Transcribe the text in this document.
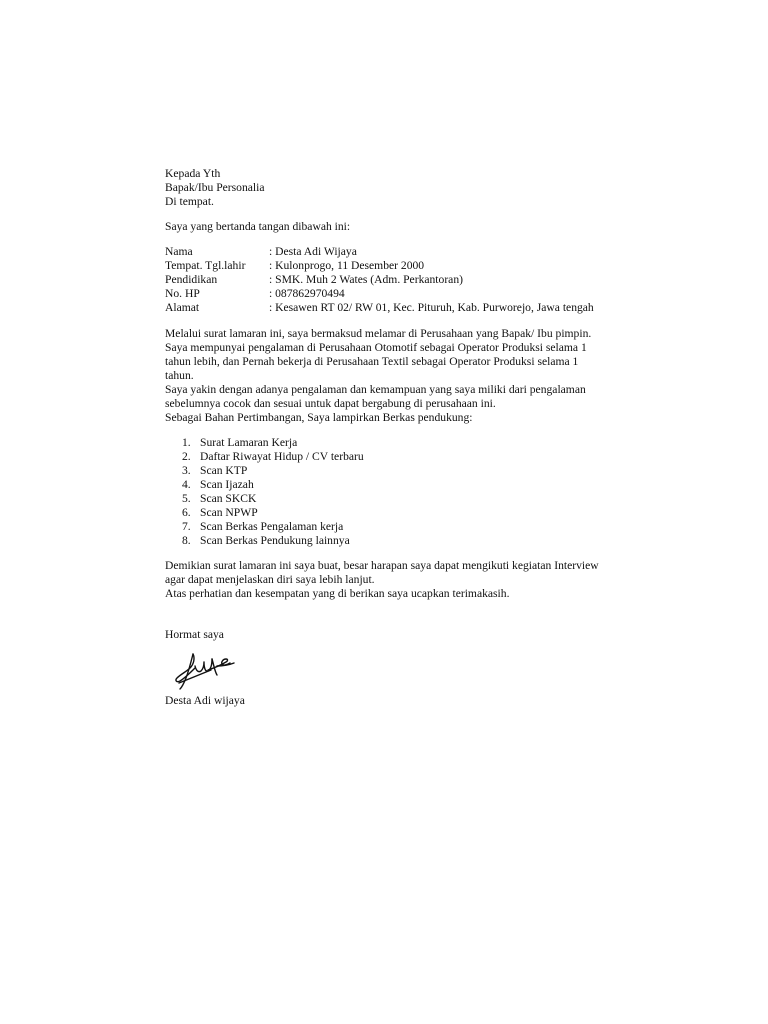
Kepada Yth
Bapak/Ibu Personalia
Di tempat.
Saya yang bertanda tangan dibawah ini:
Nama	: Desta Adi Wijaya
Tempat. Tgl.lahir	: Kulonprogo, 11 Desember 2000
Pendidikan	: SMK. Muh 2 Wates (Adm. Perkantoran)
No. HP	: 087862970494
Alamat	: Kesawen RT 02/ RW 01, Kec. Pituruh, Kab. Purworejo, Jawa tengah
Melalui surat lamaran ini, saya bermaksud melamar di Perusahaan yang Bapak/ Ibu pimpin.
Saya mempunyai pengalaman di Perusahaan Otomotif sebagai Operator Produksi selama 1
tahun lebih, dan Pernah bekerja di Perusahaan Textil sebagai Operator Produksi selama 1
tahun.
Saya yakin dengan adanya pengalaman dan kemampuan yang saya miliki dari pengalaman
sebelumnya cocok dan sesuai untuk dapat bergabung di perusahaan ini.
Sebagai Bahan Pertimbangan, Saya lampirkan Berkas pendukung:
1. Surat Lamaran Kerja
2. Daftar Riwayat Hidup / CV terbaru
3. Scan KTP
4. Scan Ijazah
5. Scan SKCK
6. Scan NPWP
7. Scan Berkas Pengalaman kerja
8. Scan Berkas Pendukung lainnya
Demikian surat lamaran ini saya buat, besar harapan saya dapat mengikuti kegiatan Interview
agar dapat menjelaskan diri saya lebih lanjut.
Atas perhatian dan kesempatan yang di berikan saya ucapkan terimakasih.
Hormat saya
Desta Adi wijaya
